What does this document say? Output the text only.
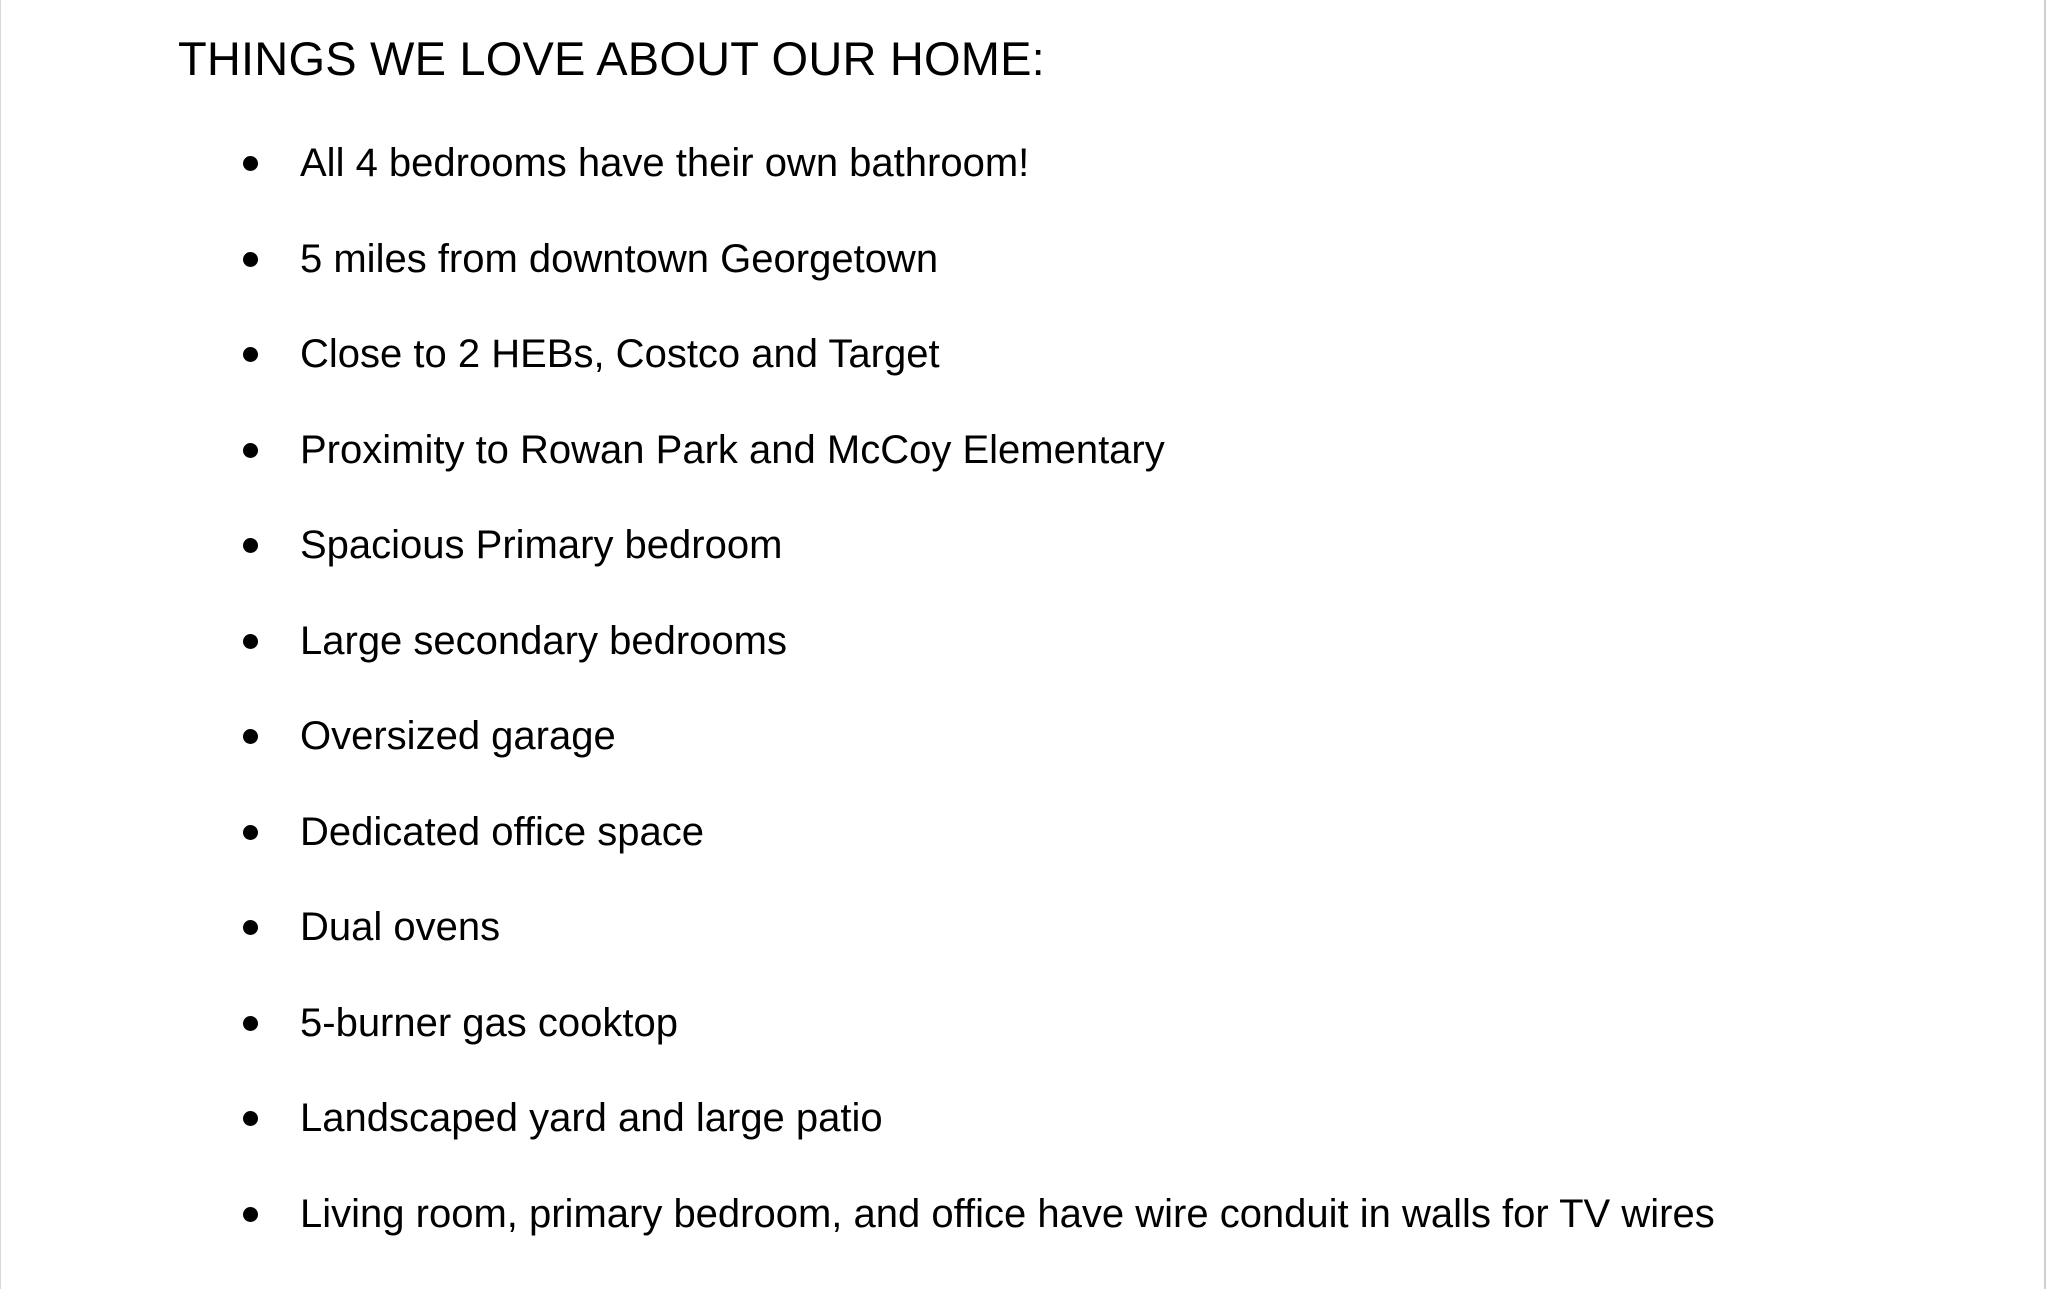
THINGS WE LOVE ABOUT OUR HOME:
All 4 bedrooms have their own bathroom!
5 miles from downtown Georgetown
Close to 2 HEBs, Costco and Target
Proximity to Rowan Park and McCoy Elementary
Spacious Primary bedroom
Large secondary bedrooms
Oversized garage
Dedicated office space
Dual ovens
5-burner gas cooktop
Landscaped yard and large patio
Living room, primary bedroom, and office have wire conduit in walls for TV wires
